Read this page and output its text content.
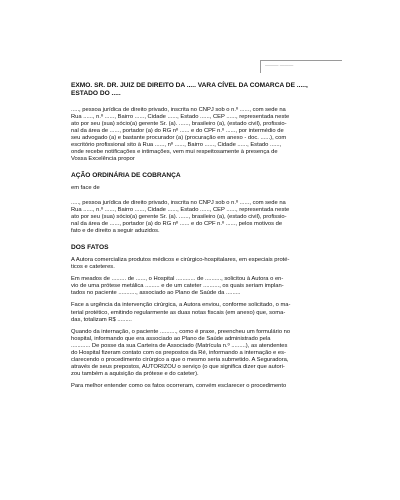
——— ———
EXMO. SR. DR. JUIZ DE DIREITO DA ..... VARA CÍVEL DA COMARCA DE .....,
ESTADO DO .....

....., pessoa jurídica de direito privado, inscrita no CNPJ sob o n.º ......, com sede na
Rua ......, n.º ......, Bairro ......, Cidade ......, Estado ......, CEP ......, representada neste
ato por seu (sua) sócio(a) gerente Sr. (a). ......, brasileiro (a), (estado civil), profissio-
nal da área de ......, portador (a) do RG nº ...... e do CPF n.º ......, por intermédio de
seu advogado (a) e bastante procurador (a) (procuração em anexo - doc. ......), com
escritório profissional sito à Rua ......, nº ......, Bairro ......, Cidade ......, Estado ......,
onde recebe notificações e intimações, vem mui respeitosamente à presença de
Vossa Excelência propor

AÇÃO ORDINÁRIA DE COBRANÇA

em face de

....., pessoa jurídica de direito privado, inscrita no CNPJ sob o n.º ......, com sede na
Rua ......, n.º ......, Bairro ......, Cidade ......, Estado ......, CEP ......, representada neste
ato por seu (sua) sócio(a) gerente Sr. (a). ......, brasileiro (a), (estado civil), profissio-
nal da área de ......, portador (a) do RG nº ...... e do CPF n.º ......, pelos motivos de
fato e de direito a seguir aduzidos.

DOS FATOS

A Autora comercializa produtos médicos e cirúrgico-hospitalares, em especiais proté-
ticos e cateteres.

Em meados de ......... de ......, o Hospital ............ de .........., solicitou à Autora o en-
vio de uma prótese metálica ......... e de um cateter .........., os quais seriam implan-
tados no paciente ..........., associado ao Plano de Saúde da .........

Face a urgência da intervenção cirúrgica, a Autora enviou, conforme solicitado, o ma-
terial protético, emitindo regularmente as duas notas fiscais (em anexo) que, soma-
das, totalizam R$ .........

Quando da internação, o paciente .........., como é praxe, preencheu um formulário no
hospital, informando que era associado ao Plano de Saúde administrado pela
............ De posse da sua Carteira de Associado (Matrícula n.º .........), as atendentes
do Hospital fizeram contato com os prepostos da Ré, informando a internação e es-
clarecendo o procedimento cirúrgico a que o mesmo seria submetido. A Seguradora,
através de seus prepostos, AUTORIZOU o serviço (o que significa dizer que autori-
zou também a aquisição da prótese e do cateter).

Para melhor entender como os fatos ocorreram, convém esclarecer o procedimento
